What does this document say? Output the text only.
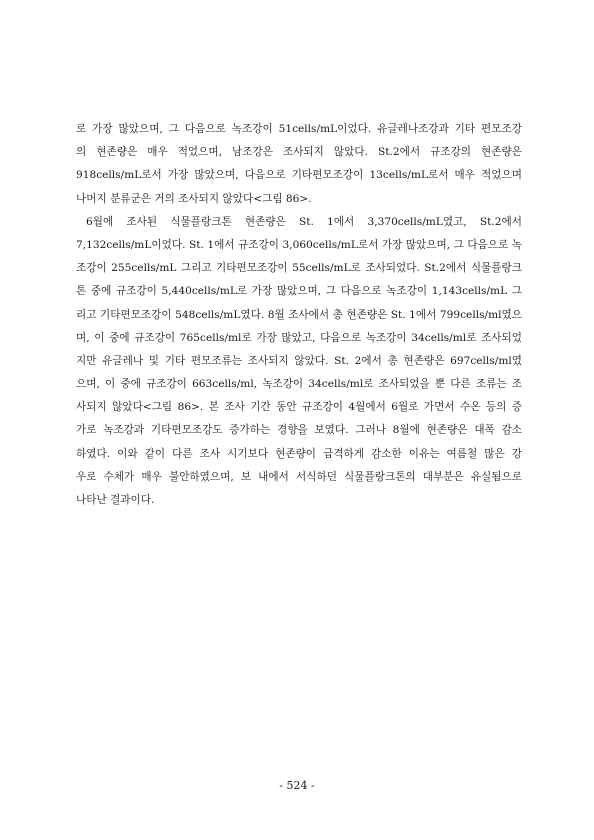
로 가장 많았으며, 그 다음으로 녹조강이 51cells/mL이었다. 유글레나조강과 기타 편모조강
의 현존량은 매우 적었으며, 남조강은 조사되지 않았다. St.2에서 규조강의 현존량은
918cells/mL로서 가장 많았으며, 다음으로 기타편모조강이 13cells/mL로서 매우 적었으며
나머지 분류군은 거의 조사되지 않았다<그림 86>.
6월에 조사된 식물플랑크톤 현존량은 St. 1에서 3,370cells/mL였고, St.2에서
7,132cells/mL이었다. St. 1에서 규조강이 3,060cells/mL로서 가장 많았으며, 그 다음으로 녹
조강이 255cells/mL 그리고 기타편모조강이 55cells/mL로 조사되었다. St.2에서 식물플랑크
톤 중에 규조강이 5,440cells/mL로 가장 많았으며, 그 다음으로 녹조강이 1,143cells/mL 그
리고 기타편모조강이 548cells/mL였다. 8월 조사에서 총 현존량은 St. 1에서 799cells/ml였으
며, 이 중에 규조강이 765cells/ml로 가장 많았고, 다음으로 녹조강이 34cells/ml로 조사되었
지만 유글레나 및 기타 편모조류는 조사되지 않았다. St. 2에서 총 현존량은 697cells/ml였
으며, 이 중에 규조강이 663cells/ml, 녹조강이 34cells/ml로 조사되었을 뿐 다른 조류는 조
사되지 않았다<그림 86>. 본 조사 기간 동안 규조강이 4월에서 6월로 가면서 수온 등의 증
가로 녹조강과 기타편모조강도 증가하는 경향을 보였다. 그러나 8월에 현존량은 대폭 감소
하였다. 이와 같이 다른 조사 시기보다 현존량이 급격하게 감소한 이유는 여름철 많은 강
우로 수체가 매우 불안하였으며, 보 내에서 서식하던 식물플랑크톤의 대부분은 유실됨으로
나타난 결과이다.
- 524 -
